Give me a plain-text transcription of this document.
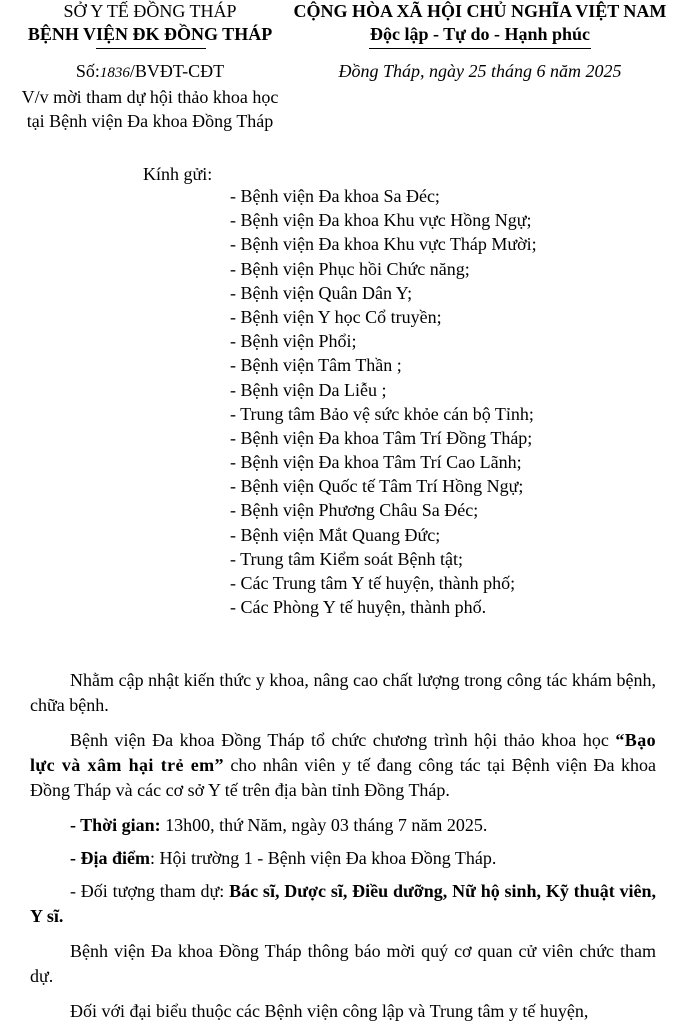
SỞ Y TẾ ĐỒNG THÁP
BỆNH VIỆN ĐK ĐỒNG THÁP
CỘNG HÒA XÃ HỘI CHỦ NGHĨA VIỆT NAM
Độc lập - Tự do - Hạnh phúc
Số:1836/BVĐT-CĐT
V/v mời tham dự hội thảo khoa học
tại Bệnh viện Đa khoa Đồng Tháp
Đồng Tháp, ngày 25 tháng 6 năm 2025
Kính gửi:
- Bệnh viện Đa khoa Sa Đéc;
- Bệnh viện Đa khoa Khu vực Hồng Ngự;
- Bệnh viện Đa khoa Khu vực Tháp Mười;
- Bệnh viện Phục hồi Chức năng;
- Bệnh viện Quân Dân Y;
- Bệnh viện Y học Cổ truyền;
- Bệnh viện Phổi;
- Bệnh viện Tâm Thần ;
- Bệnh viện Da Liễu ;
- Trung tâm Bảo vệ sức khỏe cán bộ Tỉnh;
- Bệnh viện Đa khoa Tâm Trí Đồng Tháp;
- Bệnh viện Đa khoa Tâm Trí Cao Lãnh;
- Bệnh viện Quốc tế Tâm Trí Hồng Ngự;
- Bệnh viện Phương Châu Sa Đéc;
- Bệnh viện Mắt Quang Đức;
- Trung tâm Kiểm soát Bệnh tật;
- Các Trung tâm Y tế huyện, thành phố;
- Các Phòng Y tế huyện, thành phố.

Nhằm cập nhật kiến thức y khoa, nâng cao chất lượng trong công tác khám bệnh, chữa bệnh.

Bệnh viện Đa khoa Đồng Tháp tổ chức chương trình hội thảo khoa học “Bạo lực và xâm hại trẻ em” cho nhân viên y tế đang công tác tại Bệnh viện Đa khoa Đồng Tháp và các cơ sở Y tế trên địa bàn tỉnh Đồng Tháp.

- Thời gian: 13h00, thứ Năm, ngày 03 tháng 7 năm 2025.

- Địa điểm: Hội trường 1 - Bệnh viện Đa khoa Đồng Tháp.

- Đối tượng tham dự: Bác sĩ, Dược sĩ, Điều dưỡng, Nữ hộ sinh, Kỹ thuật viên, Y sĩ.

Bệnh viện Đa khoa Đồng Tháp thông báo mời quý cơ quan cử viên chức tham dự.

Đối với đại biểu thuộc các Bệnh viện công lập và Trung tâm y tế huyện,
